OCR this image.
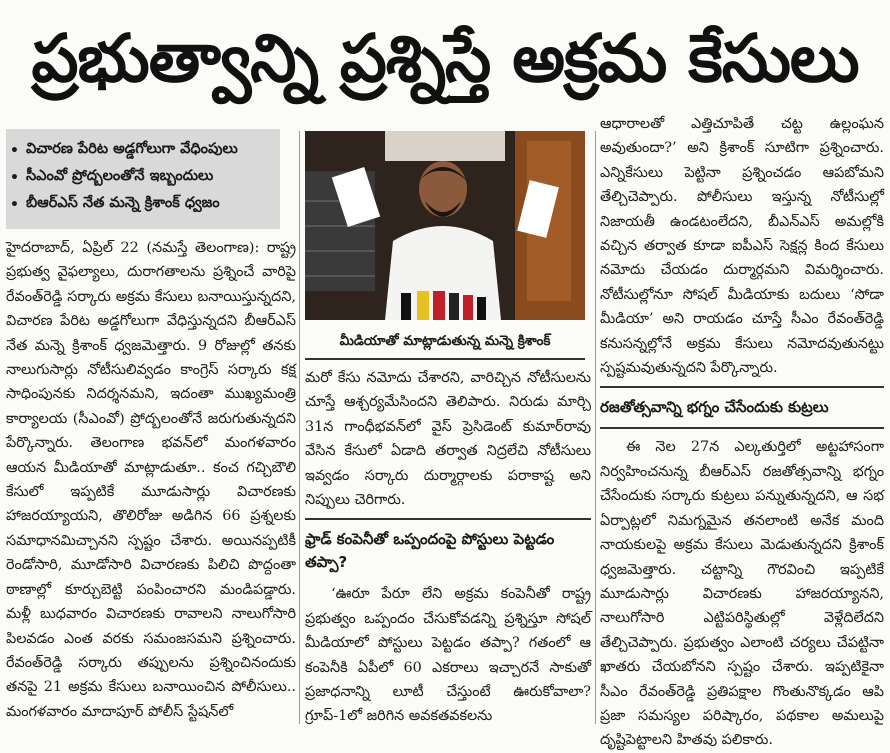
ప్రభుత్వాన్ని ప్రశ్నిస్తే అక్రమ కేసులు
• విచారణ పేరిట అడ్డగోలుగా వేధింపులు
• సీఎంవో ప్రోద్బలంతోనే ఇబ్బందులు
• బీఆర్‌ఎస్ నేత మన్నె క్రిశాంక్ ధ్వజం

హైదరాబాద్, ఏప్రిల్ 22 (నమస్తే తెలంగాణ): రాష్ట్ర ప్రభుత్వ వైఫల్యాలు, దురాగతాలను ప్రశ్నించే వారిపై రేవంత్‌రెడ్డి సర్కారు అక్రమ కేసులు బనాయిస్తున్నదని, విచారణ పేరిట అడ్డగోలుగా వేధిస్తున్నదని బీఆర్‌ఎస్ నేత మన్నె క్రిశాంక్ ధ్వజమెత్తారు. 9 రోజుల్లో తనకు నాలుగుసార్లు నోటీసులివ్వడం కాంగ్రెస్ సర్కారు కక్ష సాధింపునకు నిదర్శనమని, ఇదంతా ముఖ్యమంత్రి కార్యాలయ (సీఎంవో) ప్రోద్బలంతోనే జరుగుతున్నదని పేర్కొన్నారు. తెలంగాణ భవన్‌లో మంగళవారం ఆయన మీడియాతో మాట్లాడుతూ.. కంచ గచ్చిబౌలి కేసులో ఇప్పటికే మూడుసార్లు విచారణకు హాజరయ్యాయని, తొలిరోజు అడిగిన 66 ప్రశ్నలకు సమాధానమిచ్చానని స్పష్టం చేశారు. అయినప్పటికీ రెండోసారి, మూడోసారి విచారణకు పిలిచి పొద్దంతా ఠాణాల్లో కూర్చుబెట్టి పంపించారని మండిపడ్డారు. మళ్లీ బుధవారం విచారణకు రావాలని నాలుగోసారి పిలవడం ఎంత వరకు సమంజసమని ప్రశ్నించారు. రేవంత్‌రెడ్డి సర్కారు తప్పులను ప్రశ్నించినందుకు తనపై 21 అక్రమ కేసులు బనాయించిన పోలీసులు.. మంగళవారం మాదాపూర్ పోలీస్ స్టేషన్‌లో

మీడియాతో మాట్లాడుతున్న మన్నె క్రిశాంక్

మరో కేసు నమోదు చేశారని, వారిచ్చిన నోటీసులను చూస్తే ఆశ్చర్యమేసిందని తెలిపారు. నిరుడు మార్చి 31న గాంధీభవన్‌లో వైస్ ప్రెసిడెంట్ కుమార్‌రావు వేసిన కేసులో ఏడాది తర్వాత నిద్రలేచి నోటీసులు ఇవ్వడం సర్కారు దుర్మార్గాలకు పరాకాష్ట అని నిప్పులు చెరిగారు.

ఫ్రాడ్ కంపెనీతో ఒప్పందంపై పోస్టులు పెట్టడం తప్పా?

‘ఊరూ పేరూ లేని అక్రమ కంపెనీతో రాష్ట్ర ప్రభుత్వం ఒప్పందం చేసుకోవడన్ని ప్రశ్నిస్తూ సోషల్ మీడియాలో పోస్టులు పెట్టడం తప్పా? గతంలో ఆ కంపెనీకి ఏపీలో 60 ఎకరాలు ఇచ్చారనే సాకుతో ప్రజాధనాన్ని లూటీ చేస్తుంటే ఊరుకోవాలా? గ్రూప్-1లో జరిగిన అవకతవకలను

ఆధారాలతో ఎత్తిచూపితే చట్ట ఉల్లంఘన అవుతుందా?’ అని క్రిశాంక్ సూటిగా ప్రశ్నించారు. ఎన్నికేసులు పెట్టినా ప్రశ్నించడం ఆపబోమని తేల్చిచెప్పారు. పోలీసులు ఇస్తున్న నోటీసుల్లో నిజాయతీ ఉండటంలేదని, బీఎన్‌ఎస్ అమల్లోకి వచ్చిన తర్వాత కూడా ఐపీఎస్ సెక్షన్ల కింద కేసులు నమోదు చేయడం దుర్మార్గమని విమర్శించారు. నోటీసుల్లోనూ సోషల్ మీడియాకు బదులు ‘సోడా మీడియా’ అని రాయడం చూస్తే సీఎం రేవంత్‌రెడ్డి కనుసన్నల్లోనే అక్రమ కేసులు నమోదవుతునట్టు స్పష్టమవుతున్నదని పేర్కొన్నారు.

రజతోత్సవాన్ని భగ్నం చేసేందుకు కుట్రలు

ఈ నెల 27న ఎల్కతుర్తిలో అట్టహాసంగా నిర్వహించనున్న బీఆర్‌ఎస్ రజతోత్సవాన్ని భగ్నం చేసేందుకు సర్కారు కుట్రలు పన్నుతున్నదని, ఆ సభ ఏర్పాట్లలో నిమగ్నమైన తనలాంటి అనేక మంది నాయకులపై అక్రమ కేసులు మెడుతున్నదని క్రిశాంక్ ధ్వజమెత్తారు. చట్టాన్ని గౌరవించి ఇప్పటికే మూడుసార్లు విచారణకు హాజరయ్యానని, నాలుగోసారి ఎట్టిపరిస్థితుల్లో వెళ్లేదిలేదని తేల్చిచెప్పారు. ప్రభుత్వం ఎలాంటి చర్యలు చేపట్టినా ఖాతరు చేయబోనని స్పష్టం చేశారు. ఇప్పటికైనా సీఎం రేవంత్‌రెడ్డి ప్రతిపక్షాల గొంతునొక్కడం ఆపి ప్రజా సమస్యల పరిష్కారం, పథకాల అమలుపై దృష్టిపెట్టాలని హితవు పలికారు.
